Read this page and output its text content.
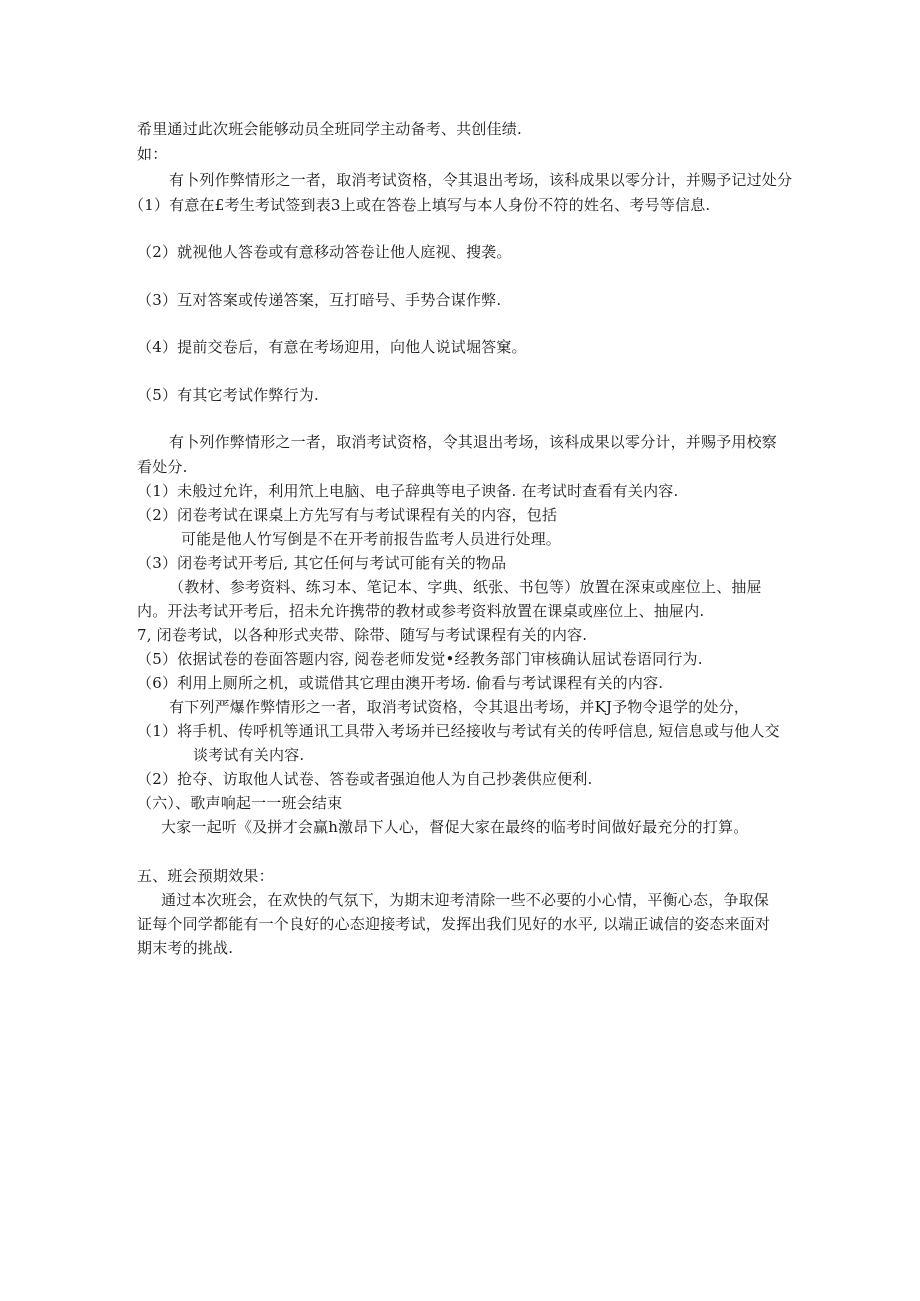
希里通过此次班会能够动员全班同学主动备考、共创佳绩.
如：
有卜列作弊情形之一者，取消考试资格，令其退出考场，该科成果以零分计，并赐予记过处分
（1）有意在£考生考试签到表3上或在答卷上填写与本人身份不符的姓名、考号等信息.
（2）就视他人答卷或有意移动答卷让他人庭视、搜袭。
（3）互对答案或传递答案，互打暗号、手势合谋作弊.
（4）提前交卷后，有意在考场迎用，向他人说试堀答窠。
（5）有其它考试作弊行为.
有卜列作弊情形之一者，取消考试资格，令其退出考场，该科成果以零分计，并赐予用校察
看处分.
（1）未般过允许，利用笊上电脑、电子辞典等电子谀备. 在考试时查看有关内容.
（2）闭卷考试在课桌上方先写有与考试课程有关的内容，包括
可能是他人竹写倒是不在开考前报告监考人员进行处理。
（3）闭卷考试开考后, 其它任何与考试可能有关的物品
（教材、参考资料、练习本、笔记本、字典、纸张、书包等）放置在深束或座位上、抽屉
内。开法考试开考后，招未允许携带的教材或参考资料放置在课桌或座位上、抽屉内.
7, 闭卷考试，以各种形式夹带、除带、随写与考试课程有关的内容.
（5）依据试卷的卷面答题内容, 阅卷老师发觉•经教务部门审核确认屈试卷语同行为.
（6）利用上厕所之机，或谎借其它理由澳开考场. 偷看与考试课程有关的内容.
有下列严爆作弊情形之一者，取消考试资格，令其退出考场，并KJ予物令退学的处分，
（1）将手机、传呼机等通讯工具带入考场并已经接收与考试有关的传呼信息, 短信息或与他人交
谈考试有关内容.
（2）抢夺、访取他人试卷、答卷或者强迫他人为自己抄袭供应便利.
（六）、歌声响起一一班会结束
大家一起听《及拼才会赢h激昂下人心，督促大家在最终的临考时间做好最充分的打算。
五、班会预期效果：
通过本次班会，在欢快的气氛下，为期末迎考清除一些不必要的小心情，平衡心态，争取保
证每个同学都能有一个良好的心态迎接考试，发挥出我们见好的水平, 以端正诚信的姿态来面对
期末考的挑战.
